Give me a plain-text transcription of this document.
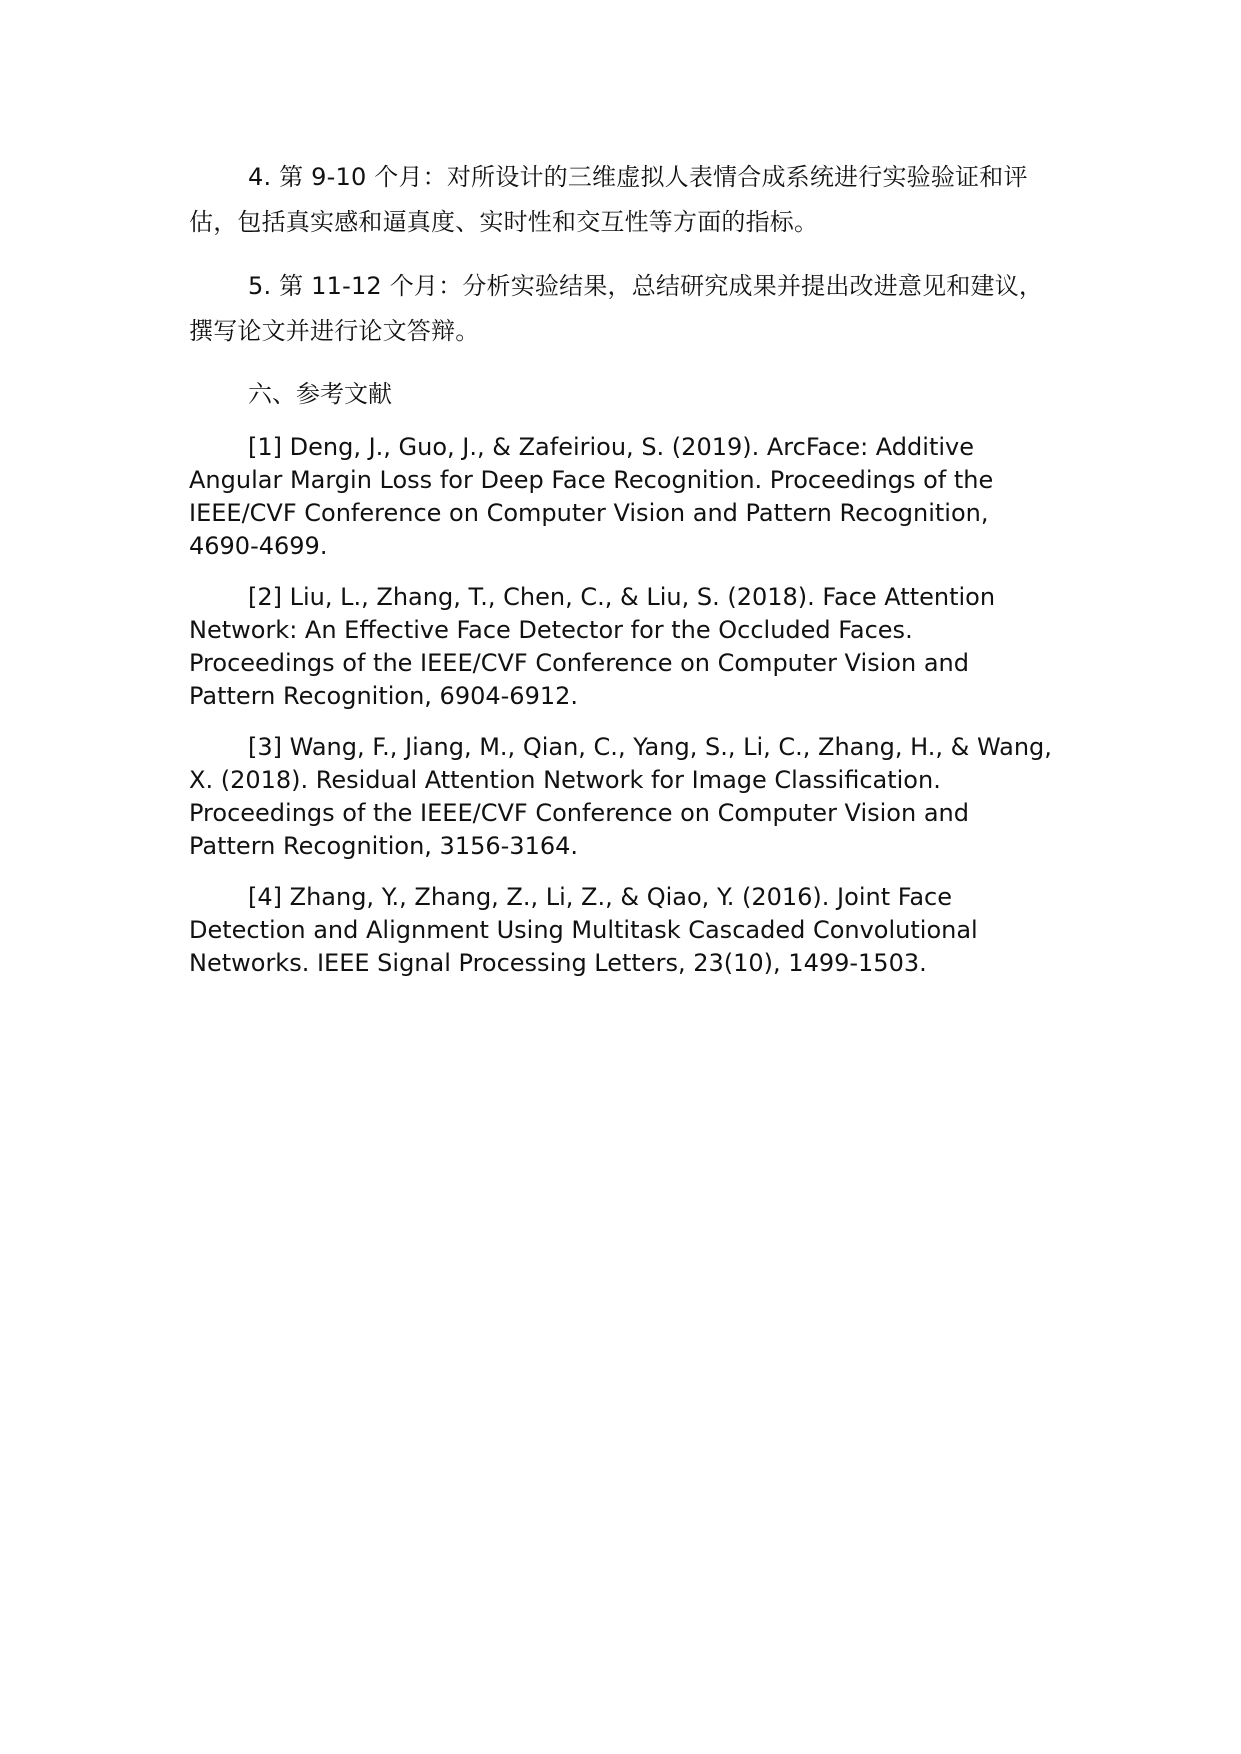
4. 第 9-10 个月：对所设计的三维虚拟人表情合成系统进行实验验证和评估，包括真实感和逼真度、实时性和交互性等方面的指标。

5. 第 11-12 个月：分析实验结果，总结研究成果并提出改进意见和建议，撰写论文并进行论文答辩。

六、参考文献

[1] Deng, J., Guo, J., & Zafeiriou, S. (2019). ArcFace: Additive Angular Margin Loss for Deep Face Recognition. Proceedings of the IEEE/CVF Conference on Computer Vision and Pattern Recognition, 4690-4699.

[2] Liu, L., Zhang, T., Chen, C., & Liu, S. (2018). Face Attention Network: An Effective Face Detector for the Occluded Faces. Proceedings of the IEEE/CVF Conference on Computer Vision and Pattern Recognition, 6904-6912.

[3] Wang, F., Jiang, M., Qian, C., Yang, S., Li, C., Zhang, H., & Wang, X. (2018). Residual Attention Network for Image Classification. Proceedings of the IEEE/CVF Conference on Computer Vision and Pattern Recognition, 3156-3164.

[4] Zhang, Y., Zhang, Z., Li, Z., & Qiao, Y. (2016). Joint Face Detection and Alignment Using Multitask Cascaded Convolutional Networks. IEEE Signal Processing Letters, 23(10), 1499-1503.
